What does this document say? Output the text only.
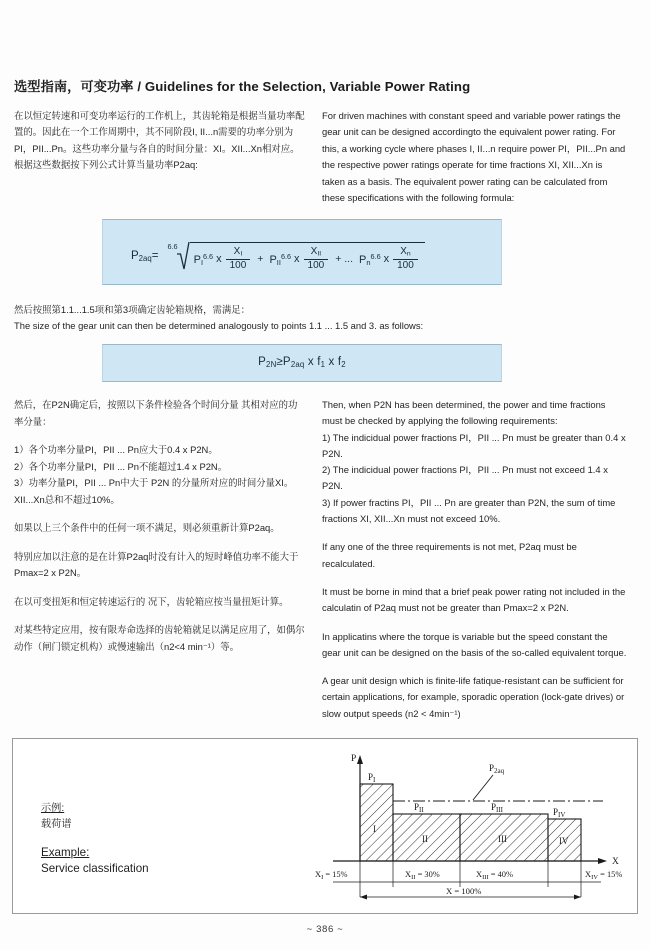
选型指南，可变功率 / Guidelines for the Selection, Variable Power Rating

在以恒定转速和可变功率运行的工作机上，其齿轮箱是根据当量功率配置的。因此在一个工作周期中，其不同阶段I, II...n需要的功率分别为PI，PII...Pn。这些功率分量与各自的时间分量：XI。XII...Xn相对应。根据这些数据按下列公式计算当量功率P2aq:

For driven machines with constant speed and variable power ratings the gear unit can be designed accordingto the equivalent power rating. For this, a working cycle where phases I, II...n require power PI，PII...Pn and the respective power ratings operate for time fractions XI, XII...Xn is taken as a basis. The equivalent power rating can be calculated from these specifications with the following formula:

$P_{2aq}=$
6.6
$P_I^{6.6}$ x $\frac{X_I}{100} + P_{II}^{6.6}$ x $\frac{X_{II}}{100}$ + ... $P_n^{6.6}$ x $\frac{X_n}{100}$

然后按照第1.1...1.5项和第3项确定齿轮箱规格，需满足：

The size of the gear unit can then be determined analogously to points 1.1 ... 1.5 and 3. as follows:

$P_{2N}\ge P_{2aq}$ x $f_1$ x $f_2$

然后，在P2N确定后，按照以下条件检验各个时间分量 其相对应的功率分量：

1）各个功率分量PI，PII ... Pn应大于0.4 x P2N。

2）各个功率分量PI，PII ... Pn不能超过1.4 x P2N。

3）功率分量PI，PII ... Pn中大于 P2N 的分量所对应的时间分量XI。XII...Xn总和不超过10%。

如果以上三个条件中的任何一项不满足，则必须重新计算P2aq。

特别应加以注意的是在计算P2aq时没有计入的短时峰值功率不能大于Pmax=2 x P2N。

在以可变扭矩和恒定转速运行的 况下，齿轮箱应按当量扭矩计算。

对某些特定应用，按有限寿命选择的齿轮箱就足以满足应用了，如偶尔动作（闸门锁定机构）或慢速输出（n2<4 min⁻¹）等。

Then, when P2N has been determined, the power and time fractions must be checked by applying the following requirements:

1) The indicidual power fractions PI，PII ... Pn must be greater than 0.4 x P2N.

2) The indicidual power fractions PI，PII ... Pn must not exceed 1.4 x P2N.

3) If power fractins PI，PII ... Pn are greater than P2N, the sum of time fractions XI, XII...Xn must not exceed 10%.

If any one of the three requirements is not met, P2aq must be recalculated.

It must be borne in mind that a brief peak power rating not included in the calculatin of P2aq must not be greater than Pmax=2 x P2N.

In applicatins where the torque is variable but the speed constant the gear unit can be designed on the basis of the so-called equivalent torque.

A gear unit design which is finite-life fatique-resistant can be sufficient for certain applications, for example, sporadic operation (lock-gate drives) or slow output speeds (n2 < 4min⁻¹)

示例:
载荷谱
Example:
Service classification
P
X
I
II	III	IV
$P_I$
$P_{II}$	$P_{III}$	$P_{IV}$
$P_{2aq}$
$X_I = 15\%$	$X_{II} = 30\%$	$X_{III} = 40\%$	$X_{IV} = 15\%$
X = 100%
~ 386 ~
